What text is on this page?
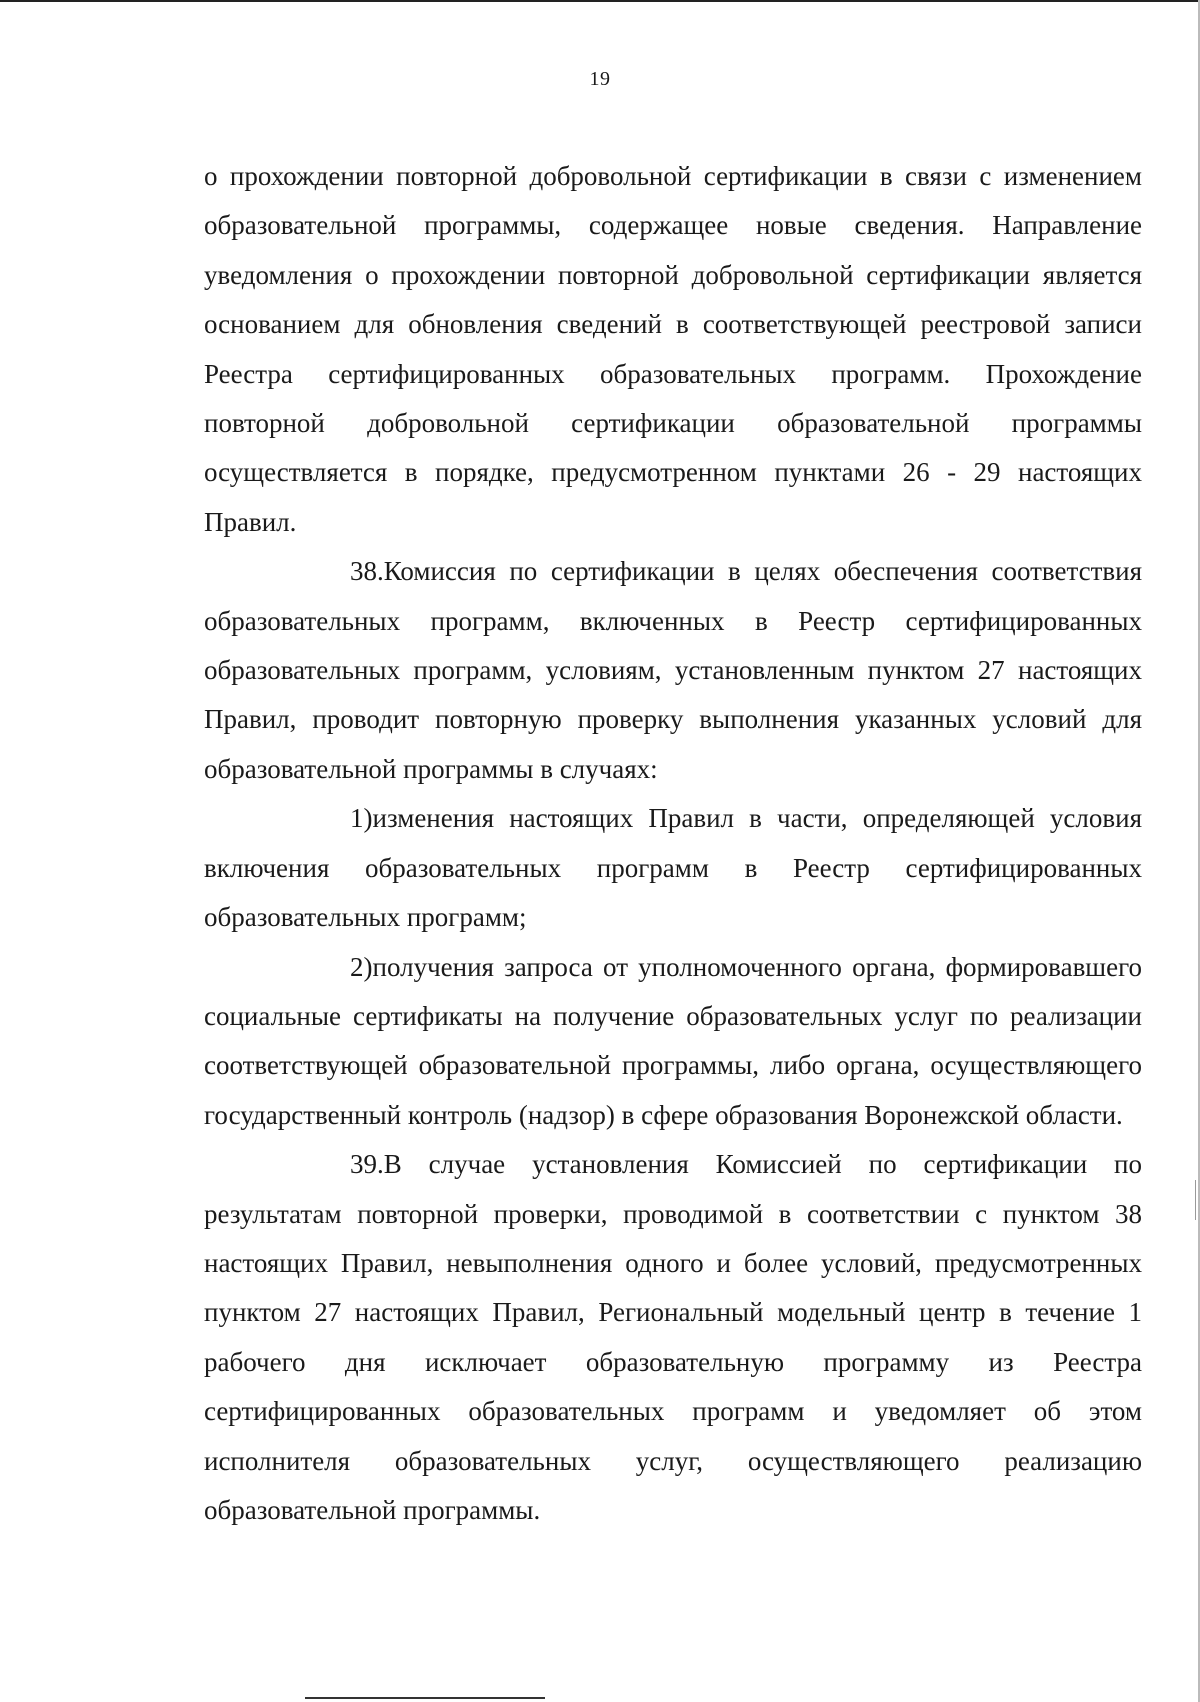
19

о прохождении повторной добровольной сертификации в связи с изменением образовательной программы, содержащее новые сведения. Направление уведомления о прохождении повторной добровольной сертификации является основанием для обновления сведений в соответствующей реестровой записи Реестра сертифицированных образовательных программ. Прохождение повторной добровольной сертификации образовательной программы осуществляется в порядке, предусмотренном пунктами 26 - 29 настоящих Правил.

38.Комиссия по сертификации в целях обеспечения соответствия образовательных программ, включенных в Реестр сертифицированных образовательных программ, условиям, установленным пунктом 27 настоящих Правил, проводит повторную проверку выполнения указанных условий для образовательной программы в случаях:

1)изменения настоящих Правил в части, определяющей условия включения образовательных программ в Реестр сертифицированных образовательных программ;

2)получения запроса от уполномоченного органа, формировавшего социальные сертификаты на получение образовательных услуг по реализации соответствующей образовательной программы, либо органа, осуществляющего государственный контроль (надзор) в сфере образования Воронежской области.

39.В случае установления Комиссией по сертификации по результатам повторной проверки, проводимой в соответствии с пунктом 38 настоящих Правил, невыполнения одного и более условий, предусмотренных пунктом 27 настоящих Правил, Региональный модельный центр в течение 1 рабочего дня исключает образовательную программу из Реестра сертифицированных образовательных программ и уведомляет об этом исполнителя образовательных услуг, осуществляющего реализацию образовательной программы.
